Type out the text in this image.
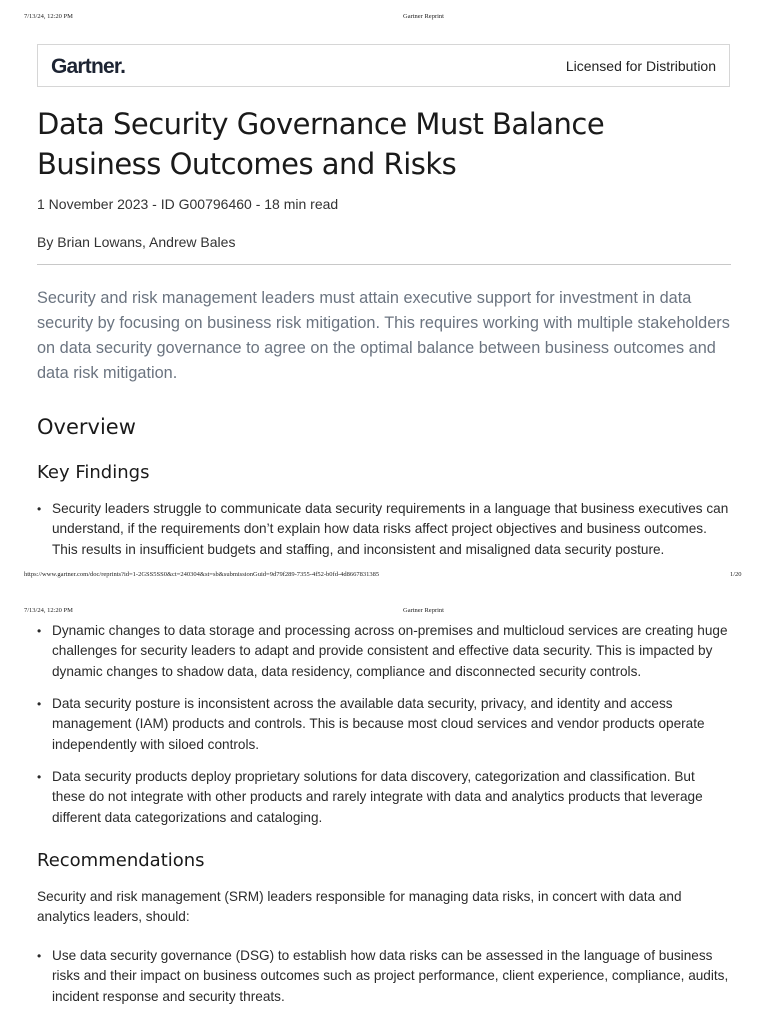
7/13/24, 12:20 PM	Gartner Reprint
Gartner.	Licensed for Distribution
Data Security Governance Must Balance Business Outcomes and Risks
1 November 2023 - ID G00796460 - 18 min read
By Brian Lowans, Andrew Bales

Security and risk management leaders must attain executive support for investment in data security by focusing on business risk mitigation. This requires working with multiple stakeholders on data security governance to agree on the optimal balance between business outcomes and data risk mitigation.

Overview
Key Findings
• Security leaders struggle to communicate data security requirements in a language that business executives can understand, if the requirements don’t explain how data risks affect project objectives and business outcomes. This results in insufficient budgets and staffing, and inconsistent and misaligned data security posture.
https://www.gartner.com/doc/reprints?id=1-2GSS5SS0&ct=240304&st=sb&submissionGuid=9d79f289-7355-4f52-b0fd-4d8667831385	1/20
7/13/24, 12:20 PM	Gartner Reprint
• Dynamic changes to data storage and processing across on-premises and multicloud services are creating huge challenges for security leaders to adapt and provide consistent and effective data security. This is impacted by dynamic changes to shadow data, data residency, compliance and disconnected security controls.
• Data security posture is inconsistent across the available data security, privacy, and identity and access management (IAM) products and controls. This is because most cloud services and vendor products operate independently with siloed controls.
• Data security products deploy proprietary solutions for data discovery, categorization and classification. But these do not integrate with other products and rarely integrate with data and analytics products that leverage different data categorizations and cataloging.
Recommendations
Security and risk management (SRM) leaders responsible for managing data risks, in concert with data and analytics leaders, should:
• Use data security governance (DSG) to establish how data risks can be assessed in the language of business risks and their impact on business outcomes such as project performance, client experience, compliance, audits, incident response and security threats.
